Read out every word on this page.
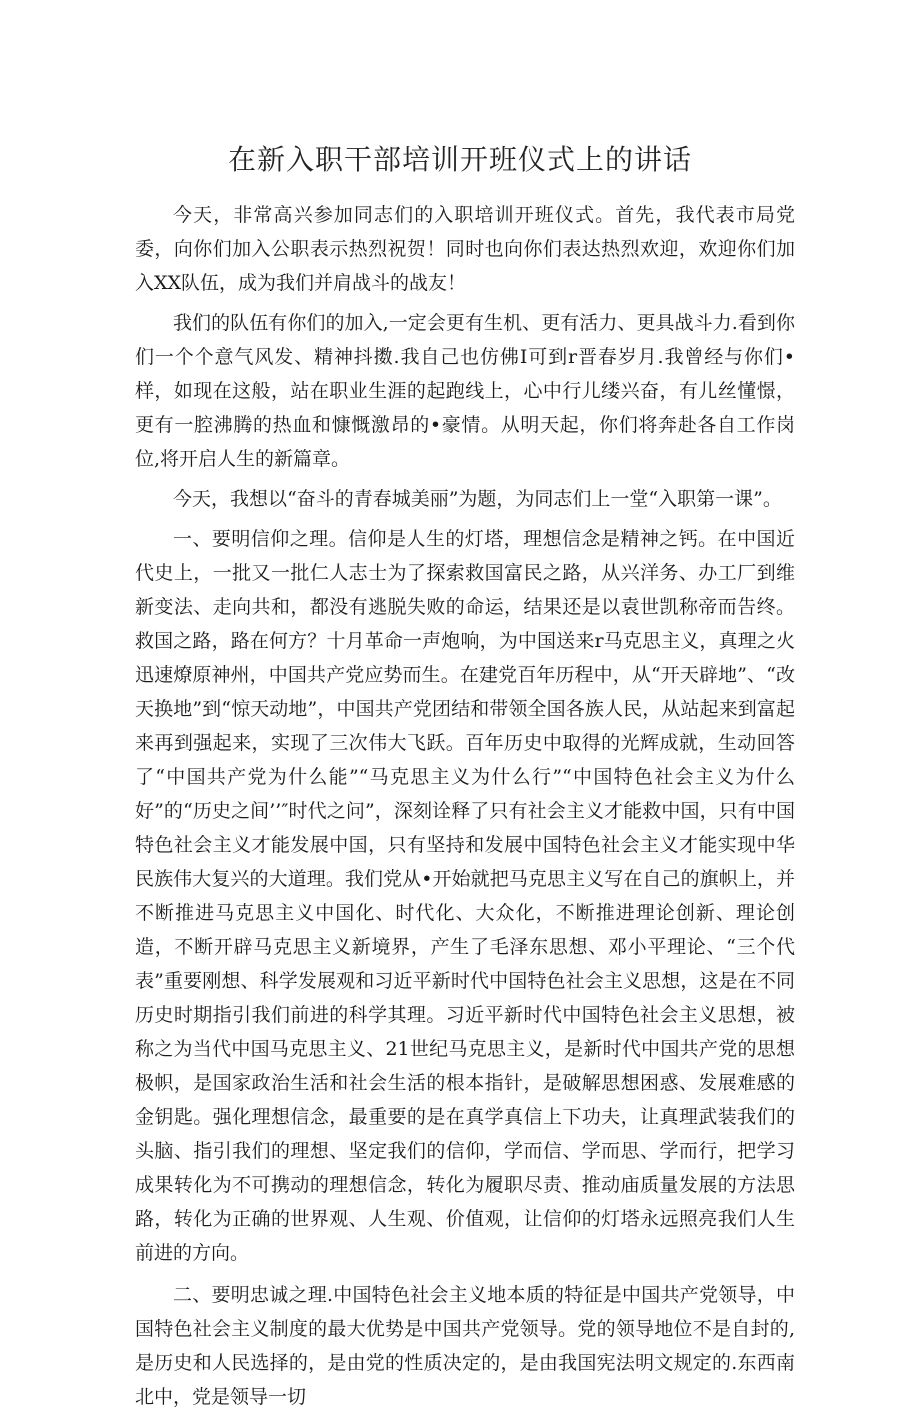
在新入职干部培训开班仪式上的讲话

今天，非常高兴参加同志们的入职培训开班仪式。首先，我代表市局党委，向你们加入公职表示热烈祝贺！同时也向你们表达热烈欢迎，欢迎你们加入XX队伍，成为我们并肩战斗的战友！

我们的队伍有你们的加入,一定会更有生机、更有活力、更具战斗力.看到你们一个个意气风发、精神抖擞.我自己也仿佛I可到r晋春岁月.我曾经与你们•样，如现在这般，站在职业生涯的起跑线上，心中行儿缕兴奋，有儿丝懂憬，更有一腔沸腾的热血和慷慨激昂的•豪情。从明天起，你们将奔赴各自工作岗位,将开启人生的新篇章。

今天，我想以“奋斗的青春城美丽”为题，为同志们上一堂“入职第一课”。

一、要明信仰之理。信仰是人生的灯塔，理想信念是精神之钙。在中国近代史上，一批又一批仁人志士为了探索救国富民之路，从兴洋务、办工厂到维新变法、走向共和，都没有逃脱失败的命运，结果还是以袁世凯称帝而告终。救国之路，路在何方？十月革命一声炮响，为中国送来r马克思主义，真理之火迅速燎原神州，中国共产党应势而生。在建党百年历程中，从“开天辟地”、“改天换地”到“惊天动地”，中国共产党团结和带领全国各族人民，从站起来到富起来再到强起来，实现了三次伟大飞跃。百年历史中取得的光辉成就，生动回答了“中国共产党为什么能”“马克思主义为什么行”“中国特色社会主义为什么好”的“历史之间’’″时代之问”，深刻诠释了只有社会主义才能救中国，只有中国特色社会主义才能发展中国，只有坚持和发展中国特色社会主义才能实现中华民族伟大复兴的大道理。我们党从•开始就把马克思主义写在自己的旗帜上，并不断推进马克思主义中国化、时代化、大众化，不断推进理论创新、理论创造，不断开辟马克思主义新境界，产生了毛泽东思想、邓小平理论、“三个代表”重要刚想、科学发展观和习近平新时代中国特色社会主义思想，这是在不同历史时期指引我们前进的科学其理。习近平新时代中国特色社会主义思想，被称之为当代中国马克思主义、21世纪马克思主义，是新时代中国共产党的思想极帜，是国家政治生活和社会生活的根本指针，是破解思想困惑、发展难感的金钥匙。强化理想信念，最重要的是在真学真信上下功夫，让真理武装我们的头脑、指引我们的理想、坚定我们的信仰，学而信、学而思、学而行，把学习成果转化为不可携动的理想信念，转化为履职尽责、推动庙质量发展的方法思路，转化为正确的世界观、人生观、价值观，让信仰的灯塔永远照亮我们人生前进的方向。

二、要明忠诚之理.中国特色社会主义地本质的特征是中国共产党领导，中国特色社会主义制度的最大优势是中国共产党领导。党的领导地位不是自封的,是历史和人民选择的，是由党的性质决定的，是由我国宪法明文规定的.东西南北中，党是领导一切
